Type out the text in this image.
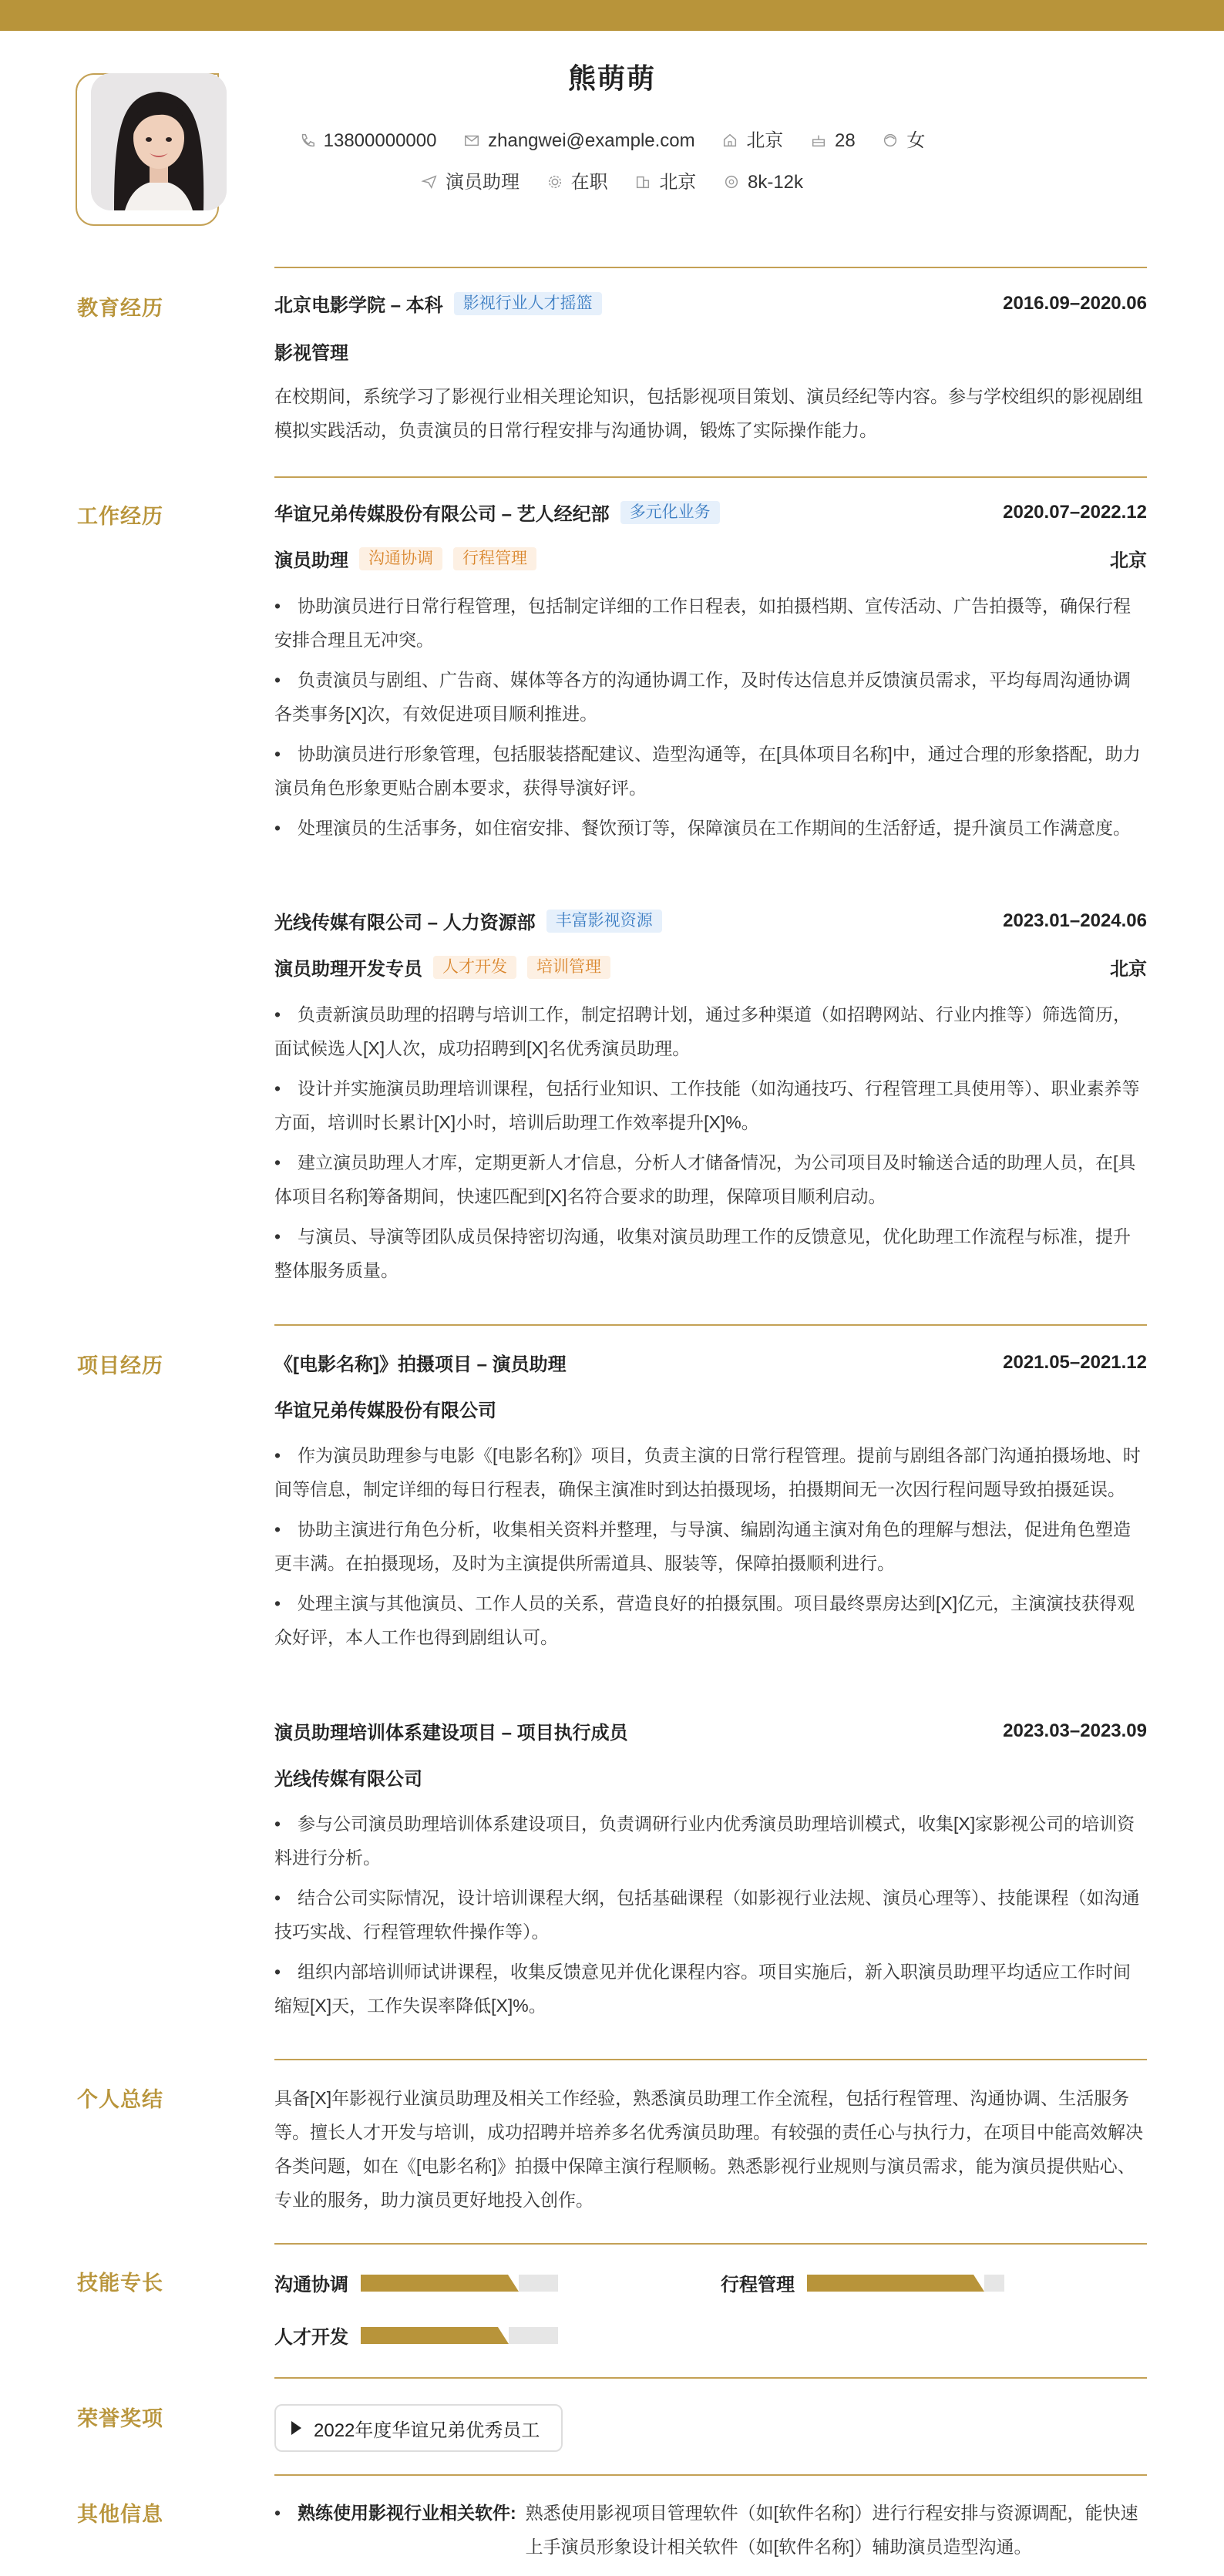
熊萌萌
13800000000	zhangwei@example.com	北京	28	女
演员助理	在职	北京	8k-12k
教育经历	北京电影学院 – 本科	影视行业人才摇篮	2016.09–2020.06
影视管理
在校期间，系统学习了影视行业相关理论知识，包括影视项目策划、演员经纪等内容。参与学校组织的影视剧组模拟实践活动，负责演员的日常行程安排与沟通协调，锻炼了实际操作能力。
工作经历	华谊兄弟传媒股份有限公司 – 艺人经纪部	多元化业务	2020.07–2022.12
演员助理	沟通协调	行程管理	北京
• 协助演员进行日常行程管理，包括制定详细的工作日程表，如拍摄档期、宣传活动、广告拍摄等，确保行程安排合理且无冲突。
• 负责演员与剧组、广告商、媒体等各方的沟通协调工作，及时传达信息并反馈演员需求，平均每周沟通协调各类事务[X]次，有效促进项目顺利推进。
• 协助演员进行形象管理，包括服装搭配建议、造型沟通等，在[具体项目名称]中，通过合理的形象搭配，助力演员角色形象更贴合剧本要求，获得导演好评。
• 处理演员的生活事务，如住宿安排、餐饮预订等，保障演员在工作期间的生活舒适，提升演员工作满意度。
光线传媒有限公司 – 人力资源部	丰富影视资源	2023.01–2024.06
演员助理开发专员	人才开发	培训管理	北京
• 负责新演员助理的招聘与培训工作，制定招聘计划，通过多种渠道（如招聘网站、行业内推等）筛选简历，面试候选人[X]人次，成功招聘到[X]名优秀演员助理。
• 设计并实施演员助理培训课程，包括行业知识、工作技能（如沟通技巧、行程管理工具使用等）、职业素养等方面，培训时长累计[X]小时，培训后助理工作效率提升[X]%。
• 建立演员助理人才库，定期更新人才信息，分析人才储备情况，为公司项目及时输送合适的助理人员，在[具体项目名称]筹备期间，快速匹配到[X]名符合要求的助理，保障项目顺利启动。
• 与演员、导演等团队成员保持密切沟通，收集对演员助理工作的反馈意见，优化助理工作流程与标准，提升整体服务质量。
项目经历	《[电影名称]》拍摄项目 – 演员助理	2021.05–2021.12
华谊兄弟传媒股份有限公司
• 作为演员助理参与电影《[电影名称]》项目，负责主演的日常行程管理。提前与剧组各部门沟通拍摄场地、时间等信息，制定详细的每日行程表，确保主演准时到达拍摄现场，拍摄期间无一次因行程问题导致拍摄延误。
• 协助主演进行角色分析，收集相关资料并整理，与导演、编剧沟通主演对角色的理解与想法，促进角色塑造更丰满。在拍摄现场，及时为主演提供所需道具、服装等，保障拍摄顺利进行。
• 处理主演与其他演员、工作人员的关系，营造良好的拍摄氛围。项目最终票房达到[X]亿元，主演演技获得观众好评，本人工作也得到剧组认可。
演员助理培训体系建设项目 – 项目执行成员	2023.03–2023.09
光线传媒有限公司
• 参与公司演员助理培训体系建设项目，负责调研行业内优秀演员助理培训模式，收集[X]家影视公司的培训资料进行分析。
• 结合公司实际情况，设计培训课程大纲，包括基础课程（如影视行业法规、演员心理等）、技能课程（如沟通技巧实战、行程管理软件操作等）。
• 组织内部培训师试讲课程，收集反馈意见并优化课程内容。项目实施后，新入职演员助理平均适应工作时间缩短[X]天，工作失误率降低[X]%。
个人总结	具备[X]年影视行业演员助理及相关工作经验，熟悉演员助理工作全流程，包括行程管理、沟通协调、生活服务等。擅长人才开发与培训，成功招聘并培养多名优秀演员助理。有较强的责任心与执行力，在项目中能高效解决各类问题，如在《[电影名称]》拍摄中保障主演行程顺畅。熟悉影视行业规则与演员需求，能为演员提供贴心、专业的服务，助力演员更好地投入创作。
技能专长	沟通协调	行程管理
人才开发
荣誉奖项	2022年度华谊兄弟优秀员工
其他信息	• 熟练使用影视行业相关软件: 熟悉使用影视项目管理软件（如[软件名称]）进行行程安排与资源调配，能快速上手演员形象设计相关软件（如[软件名称]）辅助演员造型沟通。
